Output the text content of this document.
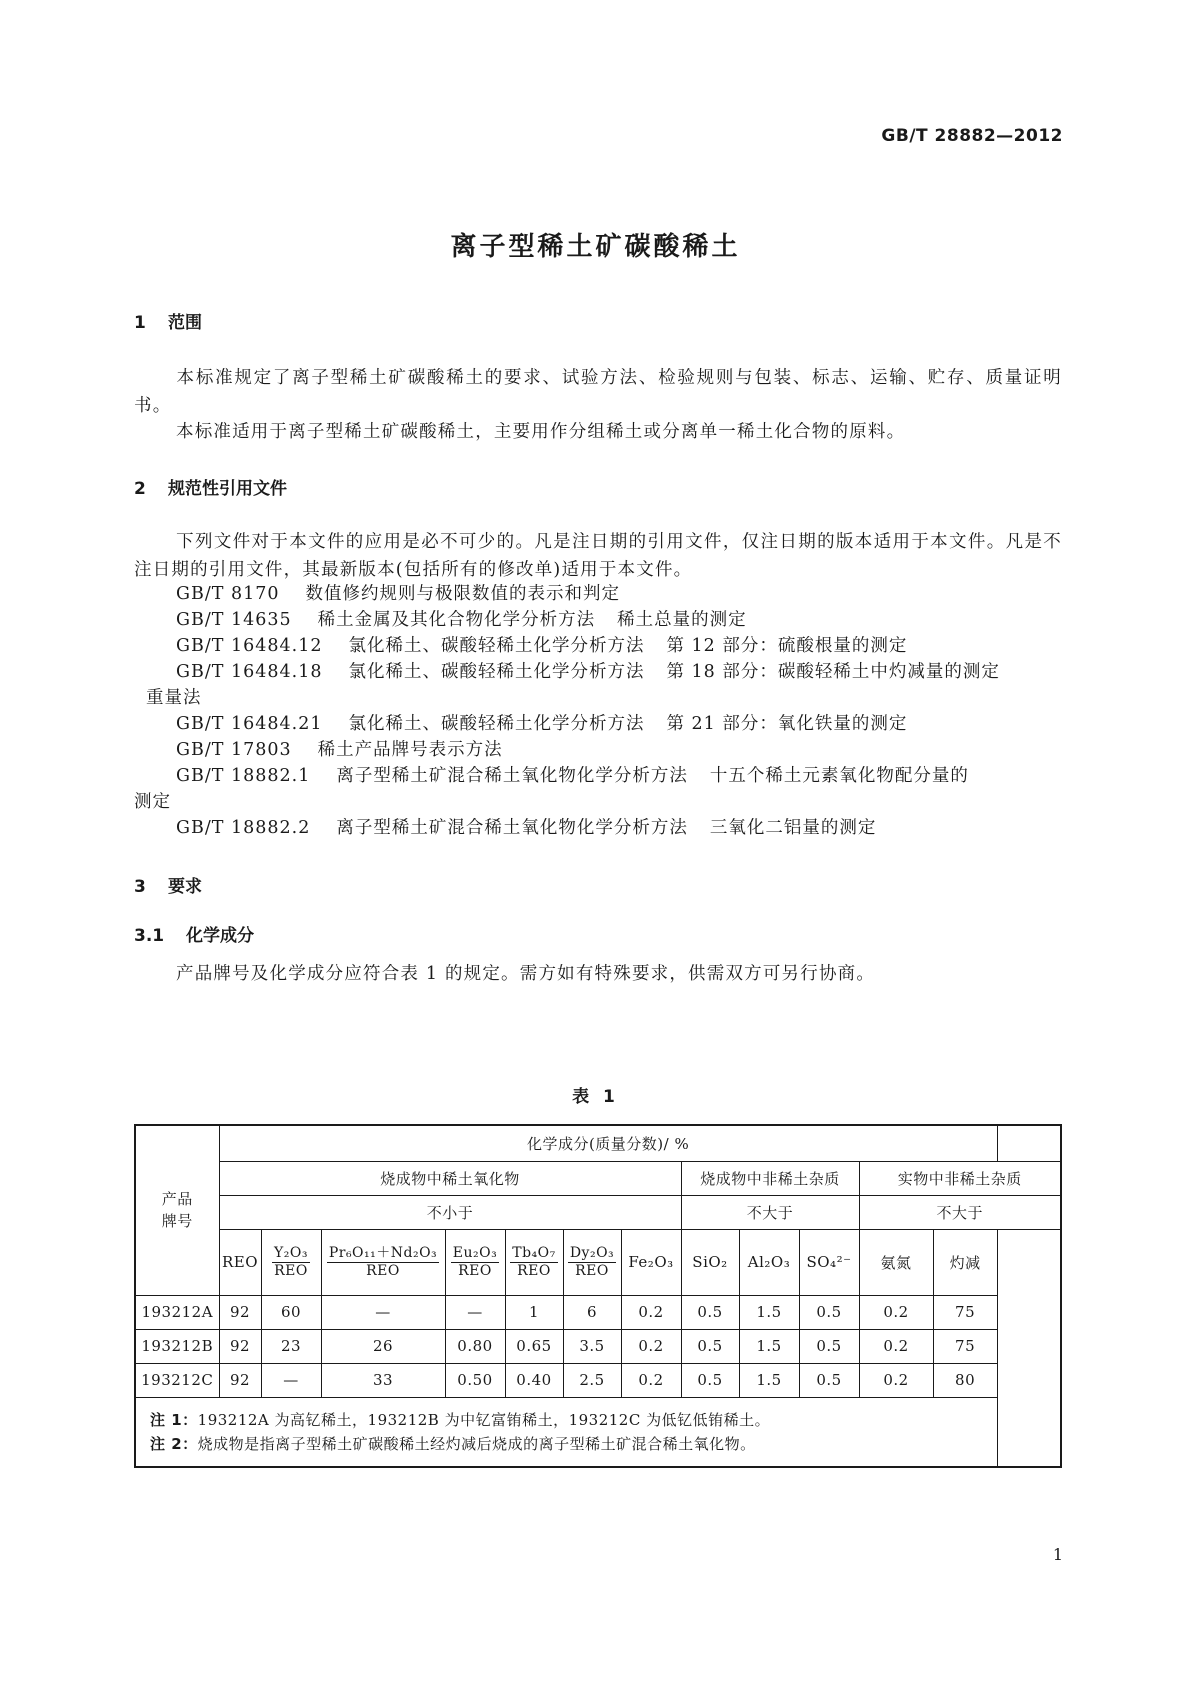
GB/T 28882—2012
离子型稀土矿碳酸稀土
1 范围
本标准规定了离子型稀土矿碳酸稀土的要求、试验方法、检验规则与包装、标志、运输、贮存、质量证明书。
本标准适用于离子型稀土矿碳酸稀土，主要用作分组稀土或分离单一稀土化合物的原料。
2 规范性引用文件
下列文件对于本文件的应用是必不可少的。凡是注日期的引用文件，仅注日期的版本适用于本文件。凡是不注日期的引用文件，其最新版本(包括所有的修改单)适用于本文件。
GB/T 8170 数值修约规则与极限数值的表示和判定
GB/T 14635 稀土金属及其化合物化学分析方法 稀土总量的测定
GB/T 16484.12 氯化稀土、碳酸轻稀土化学分析方法 第 12 部分：硫酸根量的测定
GB/T 16484.18 氯化稀土、碳酸轻稀土化学分析方法 第 18 部分：碳酸轻稀土中灼减量的测定
重量法
GB/T 16484.21 氯化稀土、碳酸轻稀土化学分析方法 第 21 部分：氧化铁量的测定
GB/T 17803 稀土产品牌号表示方法
GB/T 18882.1 离子型稀土矿混合稀土氧化物化学分析方法 十五个稀土元素氧化物配分量的
测定
GB/T 18882.2 离子型稀土矿混合稀土氧化物化学分析方法 三氧化二铝量的测定
3 要求
3.1 化学成分
产品牌号及化学成分应符合表 1 的规定。需方如有特殊要求，供需双方可另行协商。
表 1
产品
牌号	化学成分(质量分数)/ %											
	烧成物中稀土氧化物							烧成物中非稀土杂质			实物中非稀土杂质	
	不小于							不大于			不大于	
	REO	$\frac{\text{Y₂O₃}}{\text{REO}}$	$\frac{\text{Pr₆O₁₁＋Nd₂O₃}}{\text{REO}}$	$\frac{\text{Eu₂O₃}}{\text{REO}}$	$\frac{\text{Tb₄O₇}}{\text{REO}}$	$\frac{\text{Dy₂O₃}}{\text{REO}}$	Fe₂O₃	SiO₂	Al₂O₃	SO₄²⁻	氨氮	灼减
193212A	92	60	—	—	1	6	0.2	0.5	1.5	0.5	0.2	75
193212B	92	23	26	0.80	0.65	3.5	0.2	0.5	1.5	0.5	0.2	75
193212C	92	—	33	0.50	0.40	2.5	0.2	0.5	1.5	0.5	0.2	80

注 1：193212A 为高钇稀土，193212B 为中钇富铕稀土，193212C 为低钇低铕稀土。
注 2：烧成物是指离子型稀土矿碳酸稀土经灼减后烧成的离子型稀土矿混合稀土氧化物。												
1
